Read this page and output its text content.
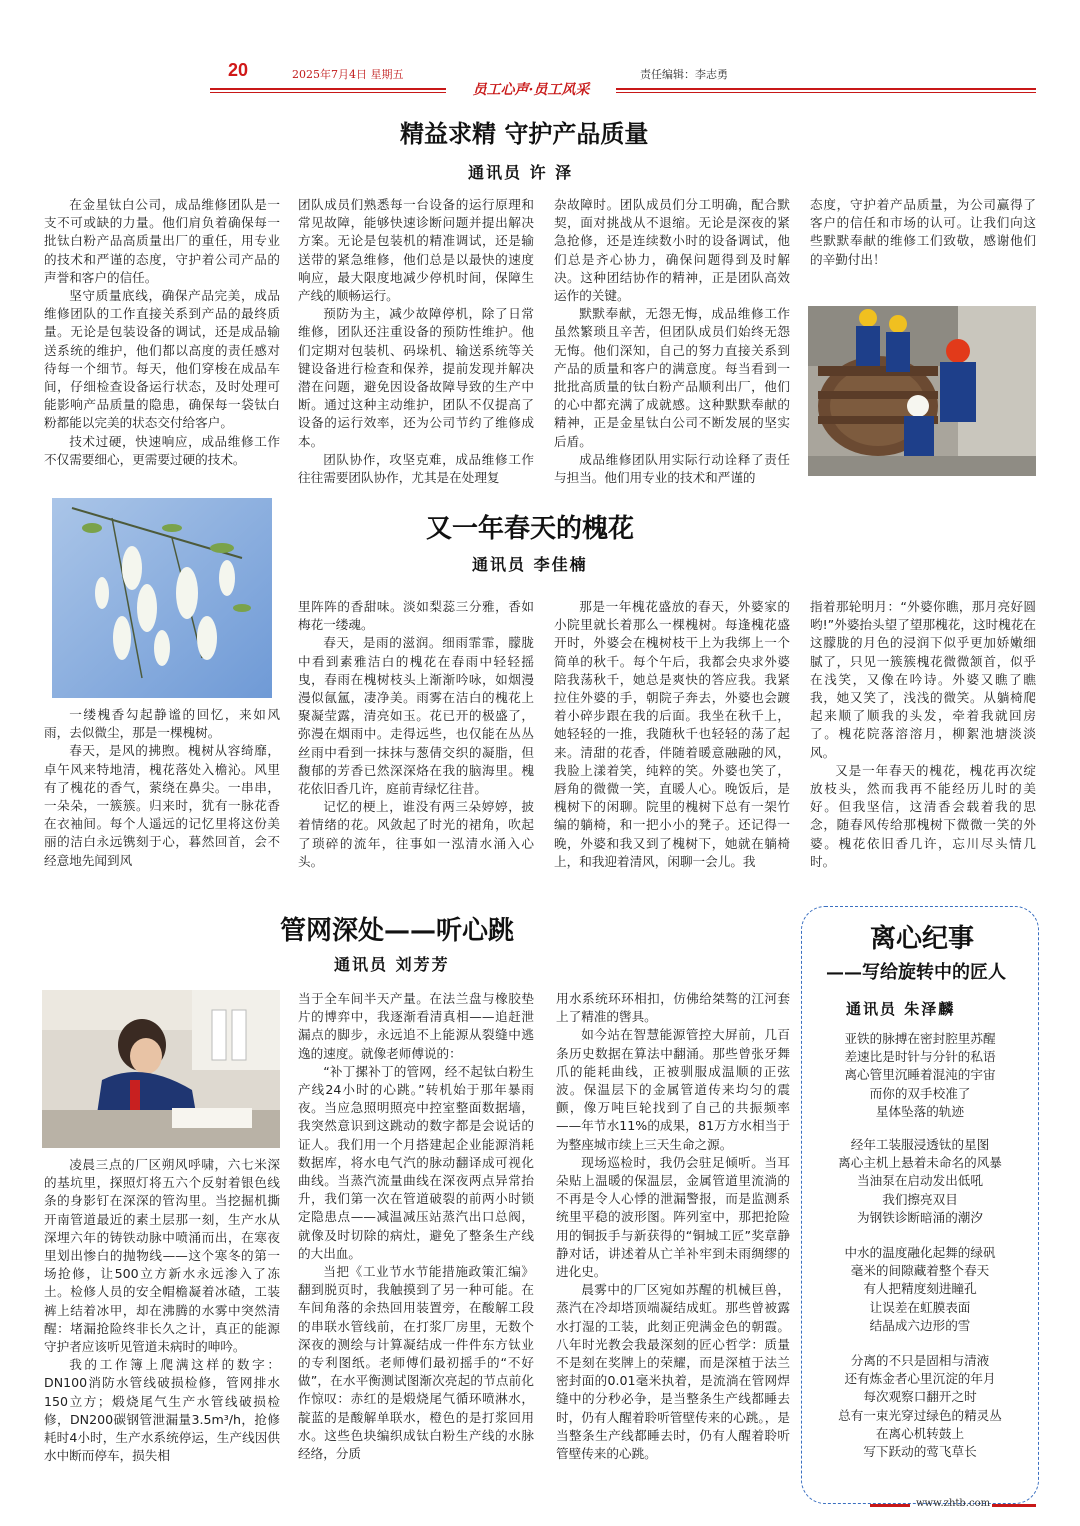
20	2025年7月4日 星期五	责任编辑：李志勇
员工心声·员工风采
精益求精 守护产品质量
通讯员 许 泽

在金星钛白公司，成品维修团队是一支不可或缺的力量。他们肩负着确保每一批钛白粉产品高质量出厂的重任，用专业的技术和严谨的态度，守护着公司产品的声誉和客户的信任。

坚守质量底线，确保产品完美，成品维修团队的工作直接关系到产品的最终质量。无论是包装设备的调试，还是成品输送系统的维护，他们都以高度的责任感对待每一个细节。每天，他们穿梭在成品车间，仔细检查设备运行状态，及时处理可能影响产品质量的隐患，确保每一袋钛白粉都能以完美的状态交付给客户。

技术过硬，快速响应，成品维修工作不仅需要细心，更需要过硬的技术。

团队成员们熟悉每一台设备的运行原理和常见故障，能够快速诊断问题并提出解决方案。无论是包装机的精准调试，还是输送带的紧急维修，他们总是以最快的速度响应，最大限度地减少停机时间，保障生产线的顺畅运行。

预防为主，减少故障停机，除了日常维修，团队还注重设备的预防性维护。他们定期对包装机、码垛机、输送系统等关键设备进行检查和保养，提前发现并解决潜在问题，避免因设备故障导致的生产中断。通过这种主动维护，团队不仅提高了设备的运行效率，还为公司节约了维修成本。

团队协作，攻坚克难，成品维修工作往往需要团队协作，尤其是在处理复

杂故障时。团队成员们分工明确，配合默契，面对挑战从不退缩。无论是深夜的紧急抢修，还是连续数小时的设备调试，他们总是齐心协力，确保问题得到及时解决。这种团结协作的精神，正是团队高效运作的关键。

默默奉献，无怨无悔，成品维修工作虽然繁琐且辛苦，但团队成员们始终无怨无悔。他们深知，自己的努力直接关系到产品的质量和客户的满意度。每当看到一批批高质量的钛白粉产品顺利出厂，他们的心中都充满了成就感。这种默默奉献的精神，正是金星钛白公司不断发展的坚实后盾。

成品维修团队用实际行动诠释了责任与担当。他们用专业的技术和严谨的

态度，守护着产品质量，为公司赢得了客户的信任和市场的认可。让我们向这些默默奉献的维修工们致敬，感谢他们的辛勤付出！

又一年春天的槐花
通讯员 李佳楠

一缕槐香勾起静谧的回忆，来如风雨，去似微尘，那是一棵槐树。

春天，是风的拂煦。槐树从容绮靡，卓午风来特地清，槐花落处入檐沁。风里有了槐花的香气，萦绕在鼻尖。一串串，一朵朵，一簇簇。归来时，犹有一脉花香在衣袖间。每个人遥远的记忆里将这份美丽的洁白永远镌刻于心，暮然回首，会不经意地先闻到风

里阵阵的香甜味。淡如梨蕊三分雅，香如梅花一缕魂。

春天，是雨的滋润。细雨霏霏，朦胧中看到素雅洁白的槐花在春雨中轻轻摇曳，春雨在槐树枝头上渐渐吟咏，如烟漫漫似氤氲，凄净美。雨雾在洁白的槐花上聚凝莹露，清亮如玉。花已开的极盛了，弥漫在烟雨中。走得远些，也仅能在丛丛丝雨中看到一抹抹与葱倩交织的凝脂，但馥郁的芳香已然深深烙在我的脑海里。槐花依旧香几许，庭前青绿忆往昔。

记忆的梗上，谁没有两三朵婷婷，披着情绪的花。风敛起了时光的裙角，吹起了琐碎的流年，往事如一泓清水涌入心头。

那是一年槐花盛放的春天，外婆家的小院里就长着那么一棵槐树。每逢槐花盛开时，外婆会在槐树枝干上为我绑上一个简单的秋千。每个午后，我都会央求外婆陪我荡秋千，她总是爽快的答应我。我紧拉住外婆的手，朝院子奔去，外婆也会踱着小碎步跟在我的后面。我坐在秋千上，她轻轻的一推，我随秋千也轻轻的荡了起来。清甜的花香，伴随着暖意融融的风，我脸上漾着笑，纯粹的笑。外婆也笑了，唇角的微微一笑，直暖人心。晚饭后，是槐树下的闲聊。院里的槐树下总有一架竹编的躺椅，和一把小小的凳子。还记得一晚，外婆和我又到了槐树下，她就在躺椅上，和我迎着清风，闲聊一会儿。我

指着那轮明月：“外婆你瞧，那月亮好圆哟!”外婆抬头望了望那槐花，这时槐花在这朦胧的月色的浸润下似乎更加娇嫩细腻了，只见一簇簇槐花微微颔首，似乎在浅笑，又像在吟诗。外婆又瞧了瞧我，她又笑了，浅浅的微笑。从躺椅爬起来顺了顺我的头发，牵着我就回房了。槐花院落溶溶月，柳絮池塘淡淡风。

又是一年春天的槐花，槐花再次绽放枝头，然而我再不能经历儿时的美好。但我坚信，这清香会载着我的思念，随春风传给那槐树下微微一笑的外婆。槐花依旧香几许，忘川尽头情几时。

管网深处——听心跳
通讯员 刘芳芳

凌晨三点的厂区朔风呼啸，六七米深的基坑里，探照灯将五六个反射着银色线条的身影钉在深深的管沟里。当挖掘机撕开南管道最近的素土层那一刻，生产水从深埋六年的铸铁动脉中喷涌而出，在寒夜里划出惨白的抛物线——这个寒冬的第一场抢修，让500立方新水永远渗入了冻土。检修人员的安全帽檐凝着冰碴，工装裤上结着冰甲，却在沸腾的水雾中突然清醒：堵漏抢险终非长久之计，真正的能源守护者应该听见管道未病时的呻吟。

我的工作簿上爬满这样的数字：DN100消防水管线破损检修，管网排水150立方；煅烧尾气生产水管线破损检修，DN200碳钢管泄漏量3.5m³/h，抢修耗时4小时，生产水系统停运，生产线因供水中断而停车，损失相

当于全车间半天产量。在法兰盘与橡胶垫片的博弈中，我逐渐看清真相——追赶泄漏点的脚步，永远追不上能源从裂缝中逃逸的速度。就像老师傅说的：

“补丁摞补丁的管网，经不起钛白粉生产线24小时的心跳。”转机始于那年暴雨夜。当应急照明照亮中控室整面数据墙，我突然意识到这跳动的数字都是会说话的证人。我们用一个月搭建起企业能源消耗数据库，将水电气汽的脉动翻译成可视化曲线。当蒸汽流量曲线在深夜两点异常抬升，我们第一次在管道破裂的前两小时锁定隐患点——减温减压站蒸汽出口总阀，就像及时切除的病灶，避免了整条生产线的大出血。

当把《工业节水节能措施政策汇编》翻到脱页时，我触摸到了另一种可能。在车间角落的余热回用装置旁，在酸解工段的串联水管线前，在打浆厂房里，无数个深夜的测绘与计算凝结成一件件东方钛业的专利图纸。老师傅们最初摇手的“不好做”，在水平衡测试图渐次亮起的节点前化作惊叹：赤红的是煅烧尾气循环喷淋水，靛蓝的是酸解单联水，橙色的是打浆回用水。这些色块编织成钛白粉生产线的水脉经络，分质

用水系统环环相扣，仿佛给桀骜的江河套上了精准的辔具。

如今站在智慧能源管控大屏前，几百条历史数据在算法中翻涌。那些曾张牙舞爪的能耗曲线，正被驯服成温顺的正弦波。保温层下的金属管道传来均匀的震颤，像万吨巨轮找到了自己的共振频率——年节水11%的成果，81万方水相当于为整座城市续上三天生命之源。

现场巡检时，我仍会驻足倾听。当耳朵贴上温暖的保温层，金属管道里流淌的不再是令人心悸的泄漏警报，而是监测系统里平稳的波形图。阵列室中，那把抢险用的铜扳手与新获得的“铜城工匠”奖章静静对话，讲述着从亡羊补牢到未雨绸缪的进化史。

晨雾中的厂区宛如苏醒的机械巨兽，蒸汽在冷却塔顶端凝结成虹。那些曾被露水打湿的工装，此刻正兜满金色的朝霞。八年时光教会我最深刻的匠心哲学：质量不是刻在奖牌上的荣耀，而是深植于法兰密封面的0.01毫米执着，是流淌在管网焊缝中的分秒必争，是当整条生产线都睡去时，仍有人醒着聆听管壁传来的心跳。，是当整条生产线都睡去时，仍有人醒着聆听管壁传来的心跳。

离心纪事
——写给旋转中的匠人
通讯员 朱泽麟
亚铁的脉搏在密封腔里苏醒
差速比是时针与分针的私语
离心管里沉睡着混沌的宇宙
而你的双手校准了
星体坠落的轨迹
经年工装服浸透钛的星图
离心主机上悬着未命名的风暴
当油泵在启动发出低吼
我们擦亮双目
为钢铁诊断暗涌的潮汐
中水的温度融化起舞的绿矾
毫米的间隙藏着整个春天
有人把精度刻进瞳孔
让误差在虹膜表面
结晶成六边形的雪
分离的不只是固相与清液
还有炼金者心里沉淀的年月
每次观察口翻开之时
总有一束光穿过绿色的精灵丛
在离心机转鼓上
写下跃动的莺飞草长
www.zhtb.com
